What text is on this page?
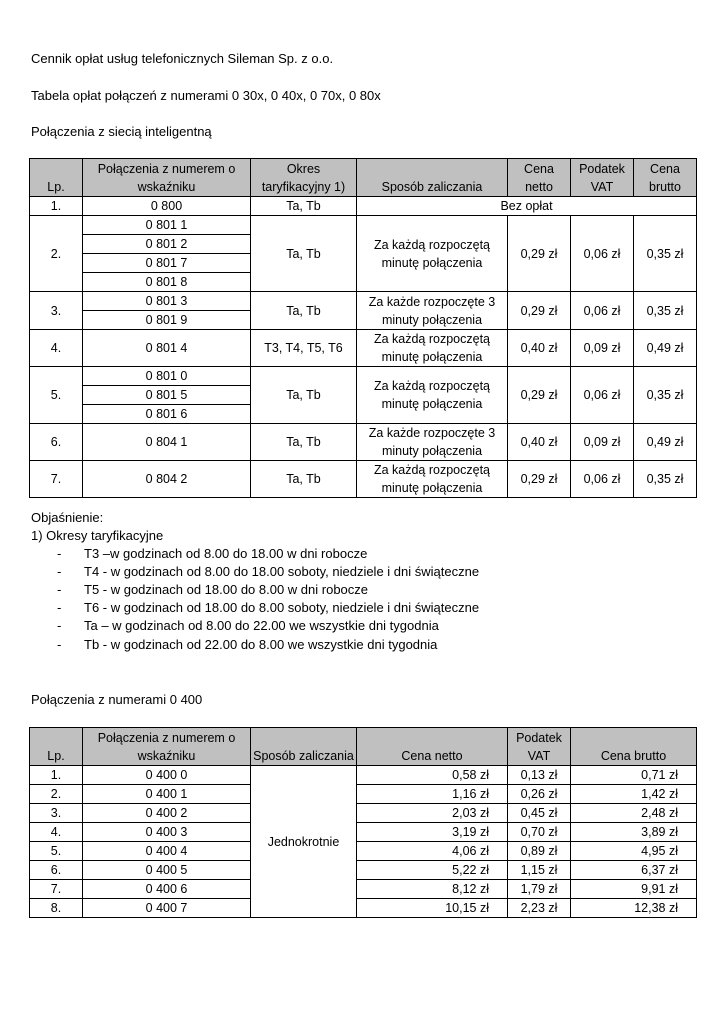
Cennik opłat usług telefonicznych Sileman Sp. z o.o.
Tabela opłat połączeń z numerami 0 30x, 0 40x, 0 70x, 0 80x
Połączenia z siecią inteligentną
Lp.	Połączenia z numerem o wskaźniku	Okres taryfikacyjny 1)	Sposób zaliczania	Cena netto	Podatek VAT	Cena brutto
1.	0 800	Ta, Tb	Bez opłat			
2.	0 801 1	Ta, Tb	Za każdą rozpoczętą minutę połączenia	0,29 zł	0,06 zł	0,35 zł
	0 801 2					
	0 801 7					
	0 801 8					
3.	0 801 3	Ta, Tb	Za każde rozpoczęte 3 minuty połączenia	0,29 zł	0,06 zł	0,35 zł
	0 801 9					
4.	0 801 4	T3, T4, T5, T6	Za każdą rozpoczętą minutę połączenia	0,40 zł	0,09 zł	0,49 zł
5.	0 801 0	Ta, Tb	Za każdą rozpoczętą minutę połączenia	0,29 zł	0,06 zł	0,35 zł
	0 801 5					
	0 801 6					
6.	0 804 1	Ta, Tb	Za każde rozpoczęte 3 minuty połączenia	0,40 zł	0,09 zł	0,49 zł
7.	0 804 2	Ta, Tb	Za każdą rozpoczętą minutę połączenia	0,29 zł	0,06 zł	0,35 zł
Objaśnienie:
1) Okresy taryfikacyjne
- T3 –w godzinach od 8.00 do 18.00 w dni robocze
- T4 - w godzinach od 8.00 do 18.00 soboty, niedziele i dni świąteczne
- T5 - w godzinach od 18.00 do 8.00 w dni robocze
- T6 - w godzinach od 18.00 do 8.00 soboty, niedziele i dni świąteczne
- Ta – w godzinach od 8.00 do 22.00 we wszystkie dni tygodnia
- Tb - w godzinach od 22.00 do 8.00 we wszystkie dni tygodnia
Połączenia z numerami 0 400
Lp.	Połączenia z numerem o wskaźniku	Sposób zaliczania	Cena netto	Podatek VAT	Cena brutto
1.	0 400 0	Jednokrotnie	0,58 zł	0,13 zł	0,71 zł
2.	0 400 1		1,16 zł	0,26 zł	1,42 zł
3.	0 400 2		2,03 zł	0,45 zł	2,48 zł
4.	0 400 3		3,19 zł	0,70 zł	3,89 zł
5.	0 400 4		4,06 zł	0,89 zł	4,95 zł
6.	0 400 5		5,22 zł	1,15 zł	6,37 zł
7.	0 400 6		8,12 zł	1,79 zł	9,91 zł
8.	0 400 7		10,15 zł	2,23 zł	12,38 zł
